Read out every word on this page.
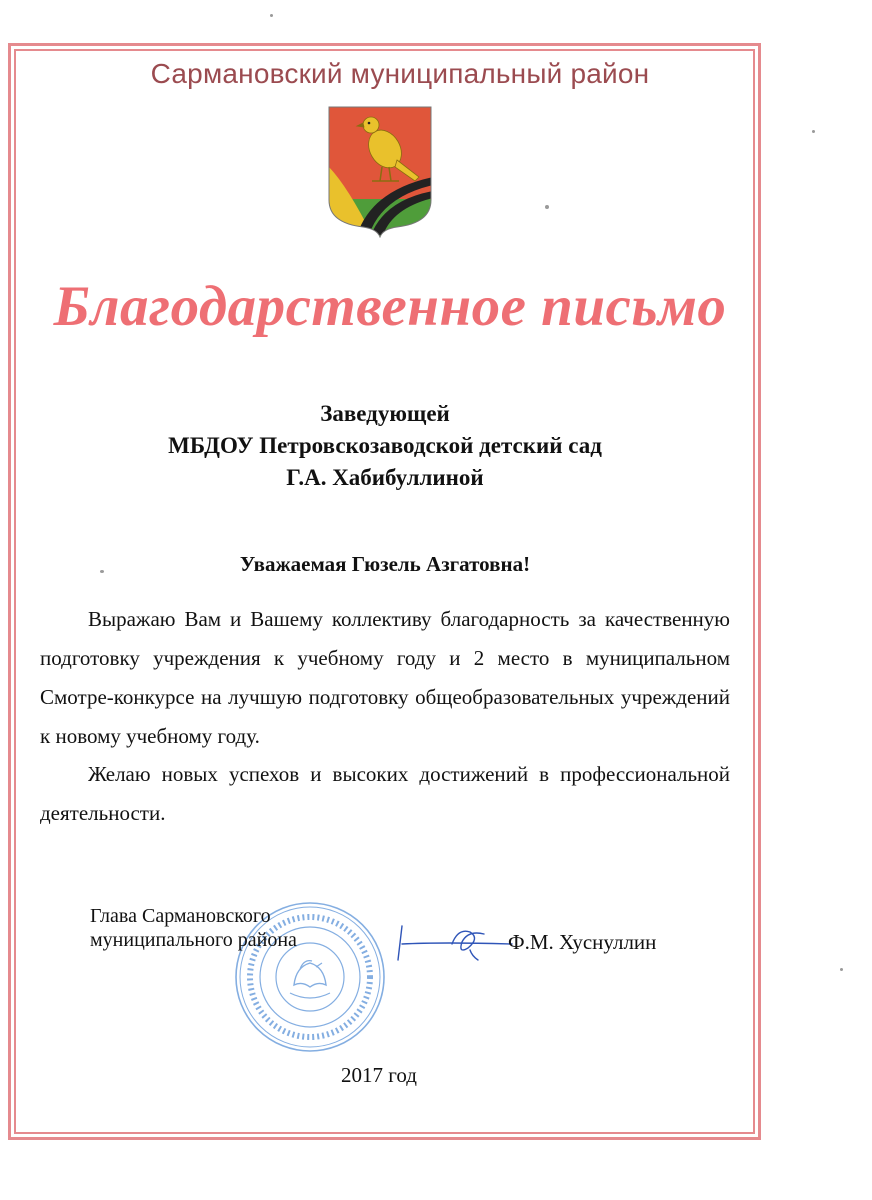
Сармановский муниципальный район
Благодарственное письмо
Заведующей
МБДОУ Петровскозаводской детский сад
Г.А. Хабибуллиной
Уважаемая Гюзель Азгатовна!

Выражаю Вам и Вашему коллективу благодарность за качественную подготовку учреждения к учебному году и 2 место в муниципальном Смотре-конкурсе на лучшую подготовку общеобразовательных учреждений к новому учебному году.

Желаю новых успехов и высоких достижений в профессиональной деятельности.

Глава Сармановского
муниципального района	Ф.М. Хуснуллин
2017 год
